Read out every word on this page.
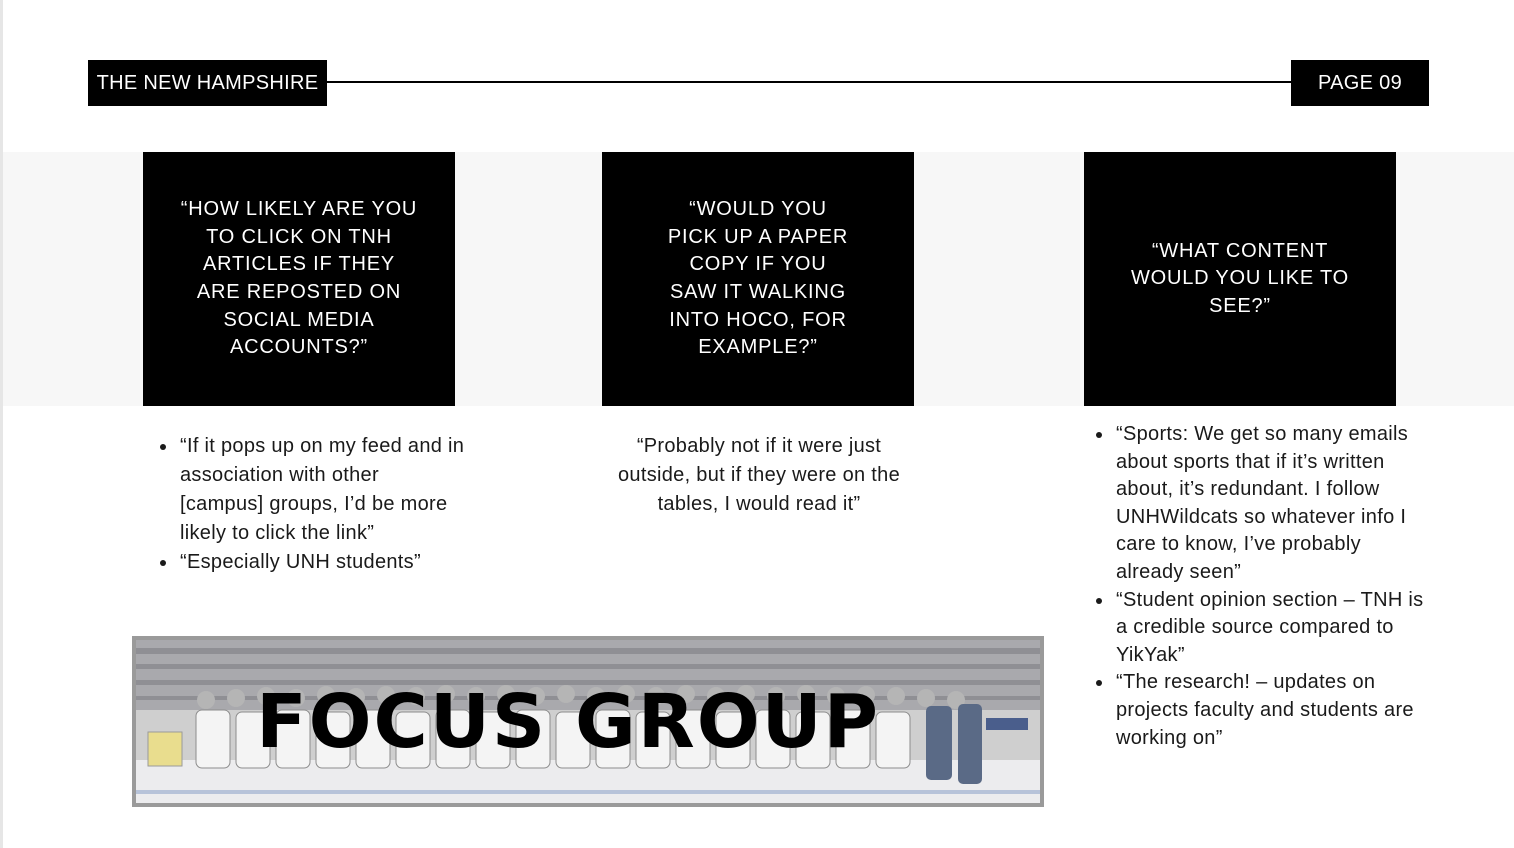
THE NEW HAMPSHIRE	PAGE 09
“HOW LIKELY ARE YOU TO CLICK ON TNH ARTICLES IF THEY ARE REPOSTED ON SOCIAL MEDIA ACCOUNTS?”
“WOULD YOU PICK UP A PAPER COPY IF YOU SAW IT WALKING INTO HOCO, FOR EXAMPLE?”
“WHAT CONTENT WOULD YOU LIKE TO SEE?”
• “If it pops up on my feed and in association with other [campus] groups, I’d be more likely to click the link”
• “Especially UNH students”
“Probably not if it were just outside, but if they were on the tables, I would read it”
• “Sports: We get so many emails about sports that if it’s written about, it’s redundant. I follow UNHWildcats so whatever info I care to know, I’ve probably already seen”
• “Student opinion section – TNH is a credible source compared to YikYak”
• “The research! – updates on projects faculty and students are working on”
FOCUS GROUP
